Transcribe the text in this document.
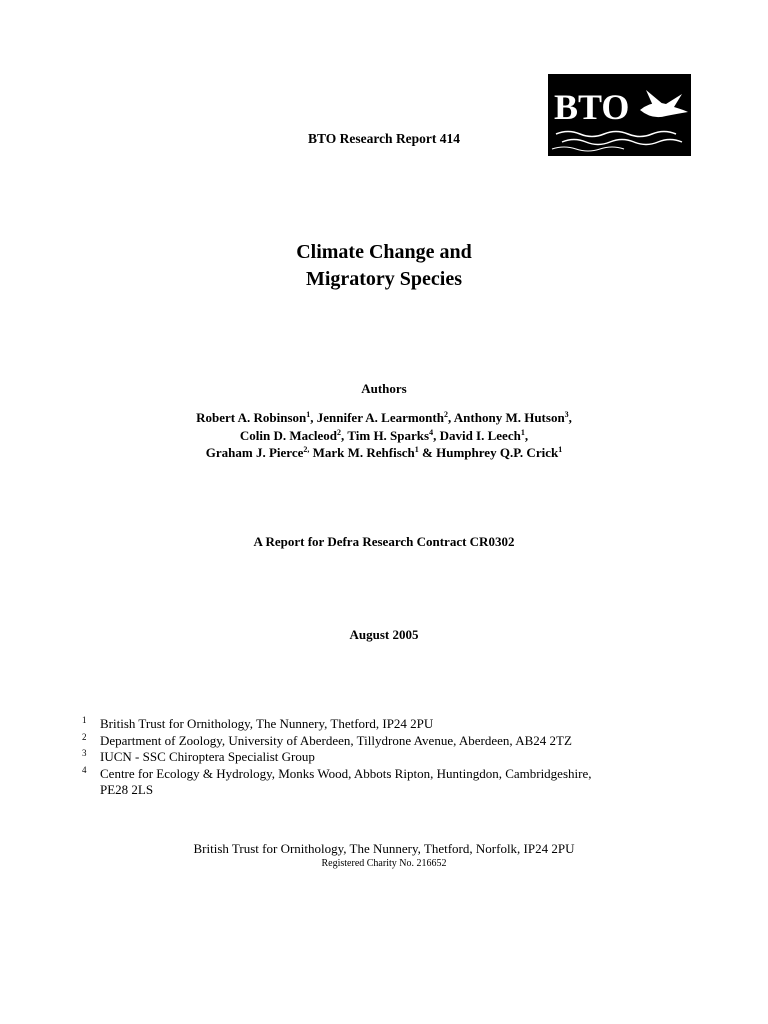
BTO
BTO Research Report 414
Climate Change and
Migratory Species
Authors
Robert A. Robinson$^1$, Jennifer A. Learmonth$^2$, Anthony M. Hutson$^3$,
Colin D. Macleod$^2$, Tim H. Sparks$^4$, David I. Leech$^1$,
Graham J. Pierce$^{2,}$ Mark M. Rehfisch$^1$ & Humphrey Q.P. Crick$^1$
A Report for Defra Research Contract CR0302
August 2005
1 British Trust for Ornithology, The Nunnery, Thetford, IP24 2PU
2 Department of Zoology, University of Aberdeen, Tillydrone Avenue, Aberdeen, AB24 2TZ
3 IUCN - SSC Chiroptera Specialist Group
4 Centre for Ecology & Hydrology, Monks Wood, Abbots Ripton, Huntingdon, Cambridgeshire,
PE28 2LS
British Trust for Ornithology, The Nunnery, Thetford, Norfolk, IP24 2PU
Registered Charity No. 216652
